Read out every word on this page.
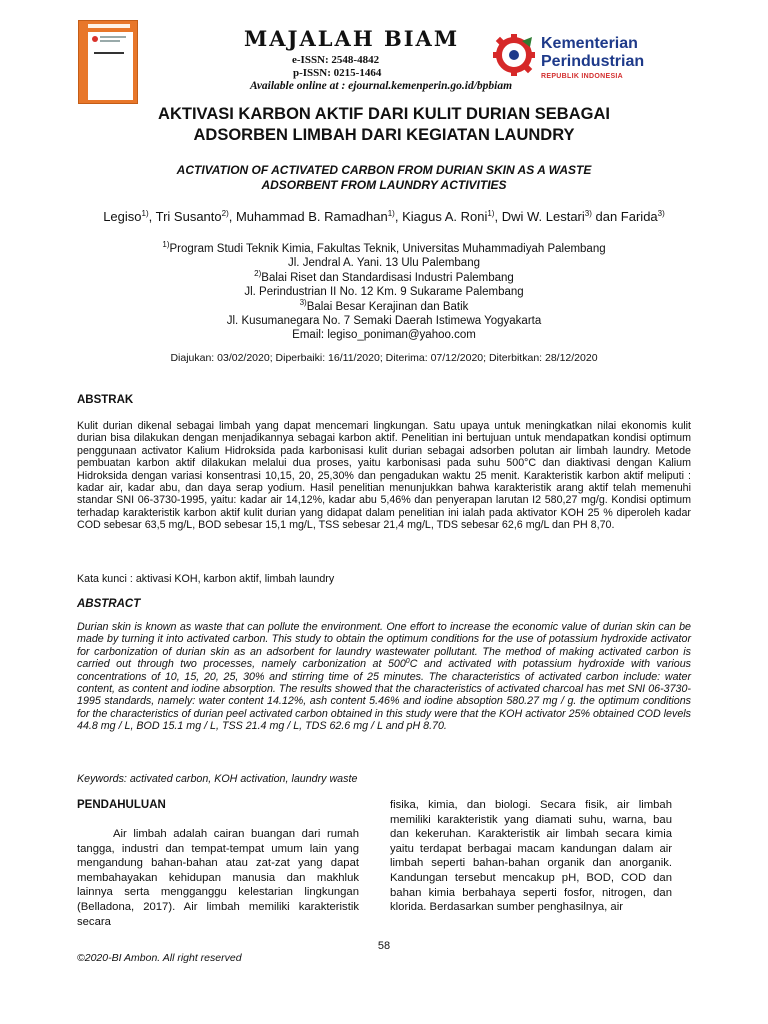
MAJALAH BIAM
e-ISSN: 2548-4842
p-ISSN: 0215-1464
Available online at : ejournal.kemenperin.go.id/bpbiam
Kementerian
Perindustrian
REPUBLIK INDONESIA
AKTIVASI KARBON AKTIF DARI KULIT DURIAN SEBAGAI
ADSORBEN LIMBAH DARI KEGIATAN LAUNDRY
ACTIVATION OF ACTIVATED CARBON FROM DURIAN SKIN AS A WASTE
ADSORBENT FROM LAUNDRY ACTIVITIES
Legiso$^{1)}$, Tri Susanto$^{2)}$, Muhammad B. Ramadhan$^{1)}$, Kiagus A. Roni$^{1)}$, Dwi W. Lestari$^{3)}$ dan Farida$^{3)}$
$^{1)}$Program Studi Teknik Kimia, Fakultas Teknik, Universitas Muhammadiyah Palembang
Jl. Jendral A. Yani. 13 Ulu Palembang
$^{2)}$Balai Riset dan Standardisasi Industri Palembang
Jl. Perindustrian II No. 12 Km. 9 Sukarame Palembang
$^{3)}$Balai Besar Kerajinan dan Batik
Jl. Kusumanegara No. 7 Semaki Daerah Istimewa Yogyakarta
Email: legiso_poniman@yahoo.com
Diajukan: 03/02/2020; Diperbaiki: 16/11/2020; Diterima: 07/12/2020; Diterbitkan: 28/12/2020
ABSTRAK
Kulit durian dikenal sebagai limbah yang dapat mencemari lingkungan. Satu upaya untuk meningkatkan nilai ekonomis kulit durian bisa dilakukan dengan menjadikannya sebagai karbon aktif. Penelitian ini bertujuan untuk mendapatkan kondisi optimum penggunaan activator Kalium Hidroksida pada karbonisasi kulit durian sebagai adsorben polutan air limbah laundry. Metode pembuatan karbon aktif dilakukan melalui dua proses, yaitu karbonisasi pada suhu 500°C dan diaktivasi dengan Kalium Hidroksida dengan variasi konsentrasi 10,15, 20, 25,30% dan pengadukan waktu 25 menit. Karakteristik karbon aktif meliputi : kadar air, kadar abu, dan daya serap yodium. Hasil penelitian menunjukkan bahwa karakteristik arang aktif telah memenuhi standar SNI 06-3730-1995, yaitu: kadar air 14,12%, kadar abu 5,46% dan penyerapan larutan I2 580,27 mg/g. Kondisi optimum terhadap karakteristik karbon aktif kulit durian yang didapat dalam penelitian ini ialah pada aktivator KOH 25 % diperoleh kadar COD sebesar 63,5 mg/L, BOD sebesar 15,1 mg/L, TSS sebesar 21,4 mg/L, TDS sebesar 62,6 mg/L dan PH 8,70.
Kata kunci : aktivasi KOH, karbon aktif, limbah laundry
ABSTRACT
Durian skin is known as waste that can pollute the environment. One effort to increase the economic value of durian skin can be made by turning it into activated carbon. This study to obtain the optimum conditions for the use of potassium hydroxide activator for carbonization of durian skin as an adsorbent for laundry wastewater pollutant. The method of making activated carbon is carried out through two processes, namely carbonization at $500^0C$ and activated with potassium hydroxide with various concentrations of 10, 15, 20, 25, 30% and stirring time of 25 minutes. The characteristics of activated carbon include: water content, as content and iodine absorption. The results showed that the characteristics of activated charcoal has met SNI 06-3730-1995 standards, namely: water content 14.12%, ash content 5.46% and iodine absoption 580.27 mg / g. the optimum conditions for the characteristics of durian peel activated carbon obtained in this study were that the KOH activator 25% obtained COD levels 44.8 mg / L, BOD 15.1 mg / L, TSS 21.4 mg / L, TDS 62.6 mg / L and pH 8.70.
Keywords: activated carbon, KOH activation, laundry waste
PENDAHULUAN

Air limbah adalah cairan buangan dari rumah tangga, industri dan tempat-tempat umum lain yang mengandung bahan-bahan atau zat-zat yang dapat membahayakan kehidupan manusia dan makhluk lainnya serta mengganggu kelestarian lingkungan (Belladona, 2017). Air limbah memiliki karakteristik secara

fisika, kimia, dan biologi. Secara fisik, air limbah memiliki karakteristik yang diamati suhu, warna, bau dan kekeruhan. Karakteristik air limbah secara kimia yaitu terdapat berbagai macam kandungan dalam air limbah seperti bahan-bahan organik dan anorganik. Kandungan tersebut mencakup pH, BOD, COD dan bahan kimia berbahaya seperti fosfor, nitrogen, dan klorida. Berdasarkan sumber penghasilnya, air

58
©2020-BI Ambon. All right reserved
